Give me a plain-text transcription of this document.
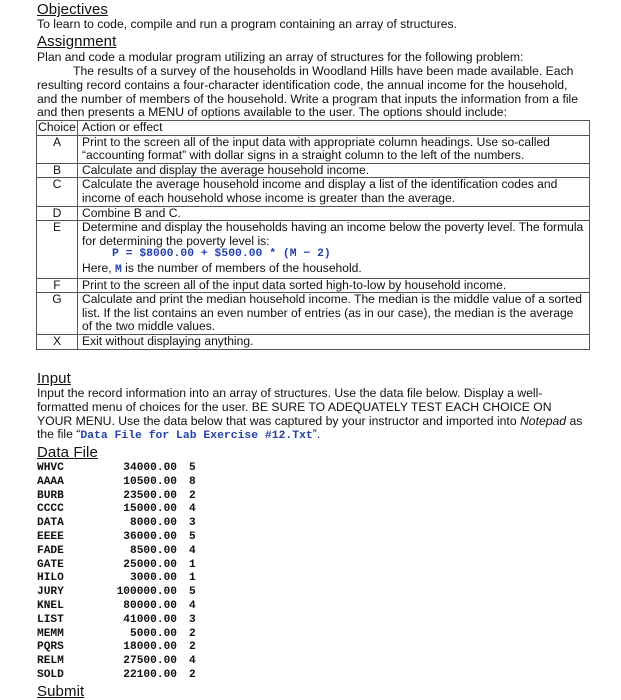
Objectives
To learn to code, compile and run a program containing an array of structures.
Assignment
Plan and code a modular program utilizing an array of structures for the following problem:
The results of a survey of the households in Woodland Hills have been made available. Each resulting record contains a four-character identification code, the annual income for the household, and the number of members of the household. Write a program that inputs the information from a file and then presents a MENU of options available to the user. The options should include:
Choice	Action or effect
A	Print to the screen all of the input data with appropriate column headings. Use so-called “accounting format” with dollar signs in a straight column to the left of the numbers.
B	Calculate and display the average household income.
C	Calculate the average household income and display a list of the identification codes and income of each household whose income is greater than the average.
D	Combine B and C.
E	Determine and display the households having an income below the poverty level. The formula for determining the poverty level is:
P = $8000.00 + $500.00 * (M − 2)
Here, M is the number of members of the household.

F	Print to the screen all of the input data sorted high-to-low by household income.
G	Calculate and print the median household income. The median is the middle value of a sorted list. If the list contains an even number of entries (as in our case), the median is the average of the two middle values.
X	Exit without displaying anything.
Input
Input the record information into an array of structures. Use the data file below. Display a well-formatted menu of choices for the user. BE SURE TO ADEQUATELY TEST EACH CHOICE ON YOUR MENU. Use the data below that was captured by your instructor and imported into Notepad as the file “Data File for Lab Exercise #12.Txt”.
Data File
WHVC	34000.00	5
AAAA	10500.00	8
BURB	23500.00	2
CCCC	15000.00	4
DATA	8000.00	3
EEEE	36000.00	5
FADE	8500.00	4
GATE	25000.00	1
HILO	3000.00	1
JURY	100000.00	5
KNEL	80000.00	4
LIST	41000.00	3
MEMM	5000.00	2
PQRS	18000.00	2
RELM	27500.00	4
SOLD	22100.00	2
Submit
